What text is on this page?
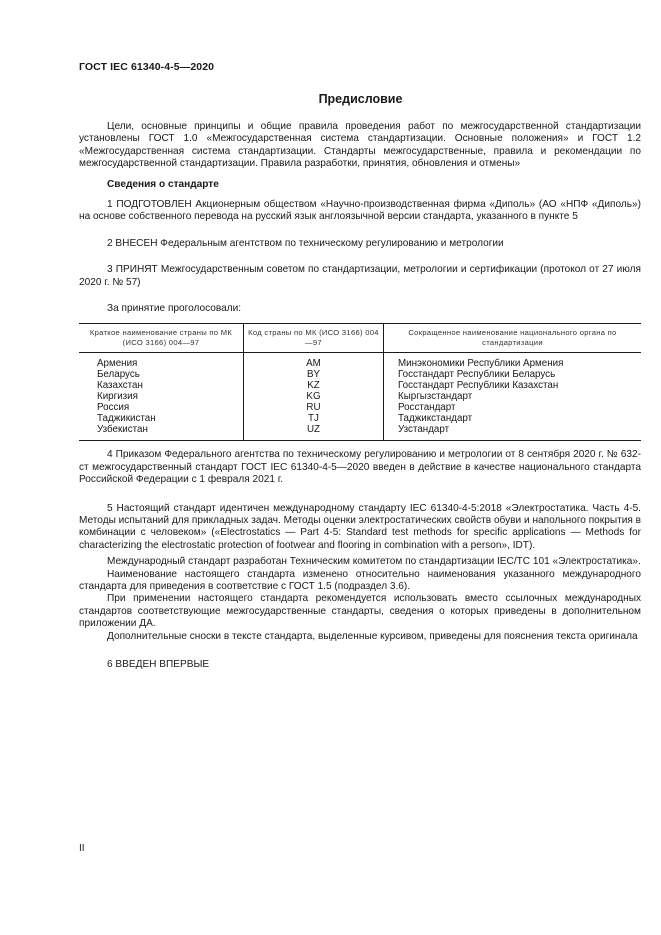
ГОСТ IEC 61340-4-5—2020
Предисловие

Цели, основные принципы и общие правила проведения работ по межгосударственной стандартизации установлены ГОСТ 1.0 «Межгосударственная система стандартизации. Основные положения» и ГОСТ 1.2 «Межгосударственная система стандартизации. Стандарты межгосударственные, правила и рекомендации по межгосударственной стандартизации. Правила разработки, принятия, обновления и отмены»

Сведения о стандарте

1 ПОДГОТОВЛЕН Акционерным обществом «Научно-производственная фирма «Диполь» (АО «НПФ «Диполь») на основе собственного перевода на русский язык англоязычной версии стандарта, указанного в пункте 5

2 ВНЕСЕН Федеральным агентством по техническому регулированию и метрологии

3 ПРИНЯТ Межгосударственным советом по стандартизации, метрологии и сертификации (протокол от 27 июля 2020 г. № 57)

За принятие проголосовали:

Краткое наименование страны по МК (ИСО 3166) 004—97	Код страны по МК (ИСО 3166) 004—97	Сокращенное наименование национального органа по стандартизации
Армения	AM	Минэкономики Республики Армения
Беларусь	BY	Госстандарт Республики Беларусь
Казахстан	KZ	Госстандарт Республики Казахстан
Киргизия	KG	Кыргызстандарт
Россия	RU	Росстандарт
Таджикистан	TJ	Таджикстандарт
Узбекистан	UZ	Узстандарт

4 Приказом Федерального агентства по техническому регулированию и метрологии от 8 сентября 2020 г. № 632-ст межгосударственный стандарт ГОСТ IEC 61340-4-5—2020 введен в действие в качестве национального стандарта Российской Федерации с 1 февраля 2021 г.

5 Настоящий стандарт идентичен международному стандарту IEC 61340-4-5:2018 «Электростатика. Часть 4-5. Методы испытаний для прикладных задач. Методы оценки электростатических свойств обуви и напольного покрытия в комбинации с человеком» («Electrostatics — Part 4-5: Standard test methods for specific applications — Methods for characterizing the electrostatic protection of footwear and flooring in combination with a person», IDT).

Международный стандарт разработан Техническим комитетом по стандартизации IEC/TC 101 «Электростатика».

Наименование настоящего стандарта изменено относительно наименования указанного международного стандарта для приведения в соответствие с ГОСТ 1.5 (подраздел 3.6).

При применении настоящего стандарта рекомендуется использовать вместо ссылочных международных стандартов соответствующие межгосударственные стандарты, сведения о которых приведены в дополнительном приложении ДА.

Дополнительные сноски в тексте стандарта, выделенные курсивом, приведены для пояснения текста оригинала

6 ВВЕДЕН ВПЕРВЫЕ

II
